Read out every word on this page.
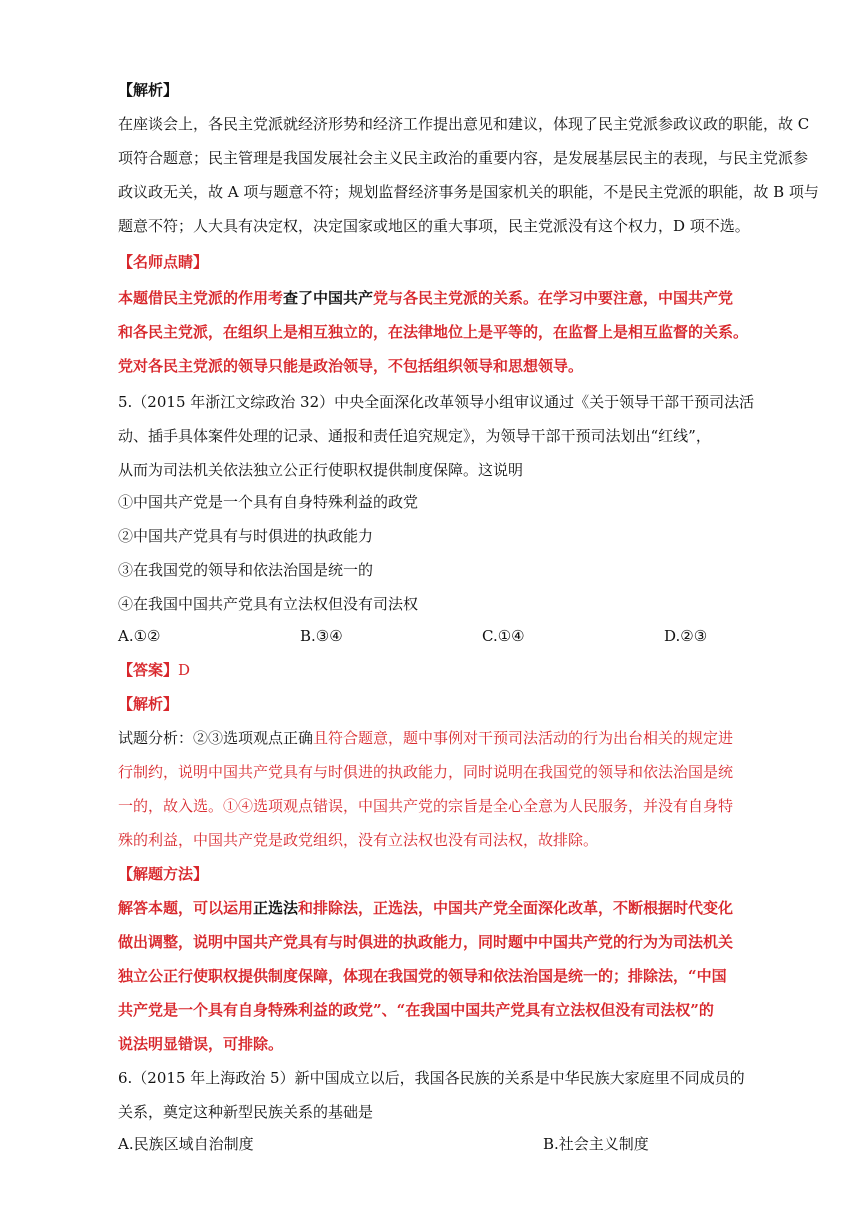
【解析】
在座谈会上，各民主党派就经济形势和经济工作提出意见和建议，体现了民主党派参政议政的职能，故 C
项符合题意；民主管理是我国发展社会主义民主政治的重要内容，是发展基层民主的表现，与民主党派参
政议政无关，故 A 项与题意不符；规划监督经济事务是国家机关的职能，不是民主党派的职能，故 B 项与
题意不符；人大具有决定权，决定国家或地区的重大事项，民主党派没有这个权力，D 项不选。
【名师点睛】
本题借民主党派的作用考查了中国共产党与各民主党派的关系。在学习中要注意，中国共产党
和各民主党派，在组织上是相互独立的，在法律地位上是平等的，在监督上是相互监督的关系。
党对各民主党派的领导只能是政治领导，不包括组织领导和思想领导。
5.（2015 年浙江文综政治 32）中央全面深化改革领导小组审议通过《关于领导干部干预司法活
动、插手具体案件处理的记录、通报和责任追究规定》，为领导干部干预司法划出“红线”，
从而为司法机关依法独立公正行使职权提供制度保障。这说明
①中国共产党是一个具有自身特殊利益的政党
②中国共产党具有与时俱进的执政能力
③在我国党的领导和依法治国是统一的
④在我国中国共产党具有立法权但没有司法权
A.①②	B.③④	C.①④	D.②③
【答案】D
【解析】
试题分析：②③选项观点正确且符合题意，题中事例对干预司法活动的行为出台相关的规定进
行制约，说明中国共产党具有与时俱进的执政能力，同时说明在我国党的领导和依法治国是统
一的，故入选。①④选项观点错误，中国共产党的宗旨是全心全意为人民服务，并没有自身特
殊的利益，中国共产党是政党组织，没有立法权也没有司法权，故排除。
【解题方法】
解答本题，可以运用正选法和排除法，正选法，中国共产党全面深化改革，不断根据时代变化
做出调整，说明中国共产党具有与时俱进的执政能力，同时题中中国共产党的行为为司法机关
独立公正行使职权提供制度保障，体现在我国党的领导和依法治国是统一的；排除法，“中国
共产党是一个具有自身特殊利益的政党”、“在我国中国共产党具有立法权但没有司法权”的
说法明显错误，可排除。
6.（2015 年上海政治 5）新中国成立以后，我国各民族的关系是中华民族大家庭里不同成员的
关系，奠定这种新型民族关系的基础是
A.民族区域自治制度	B.社会主义制度
